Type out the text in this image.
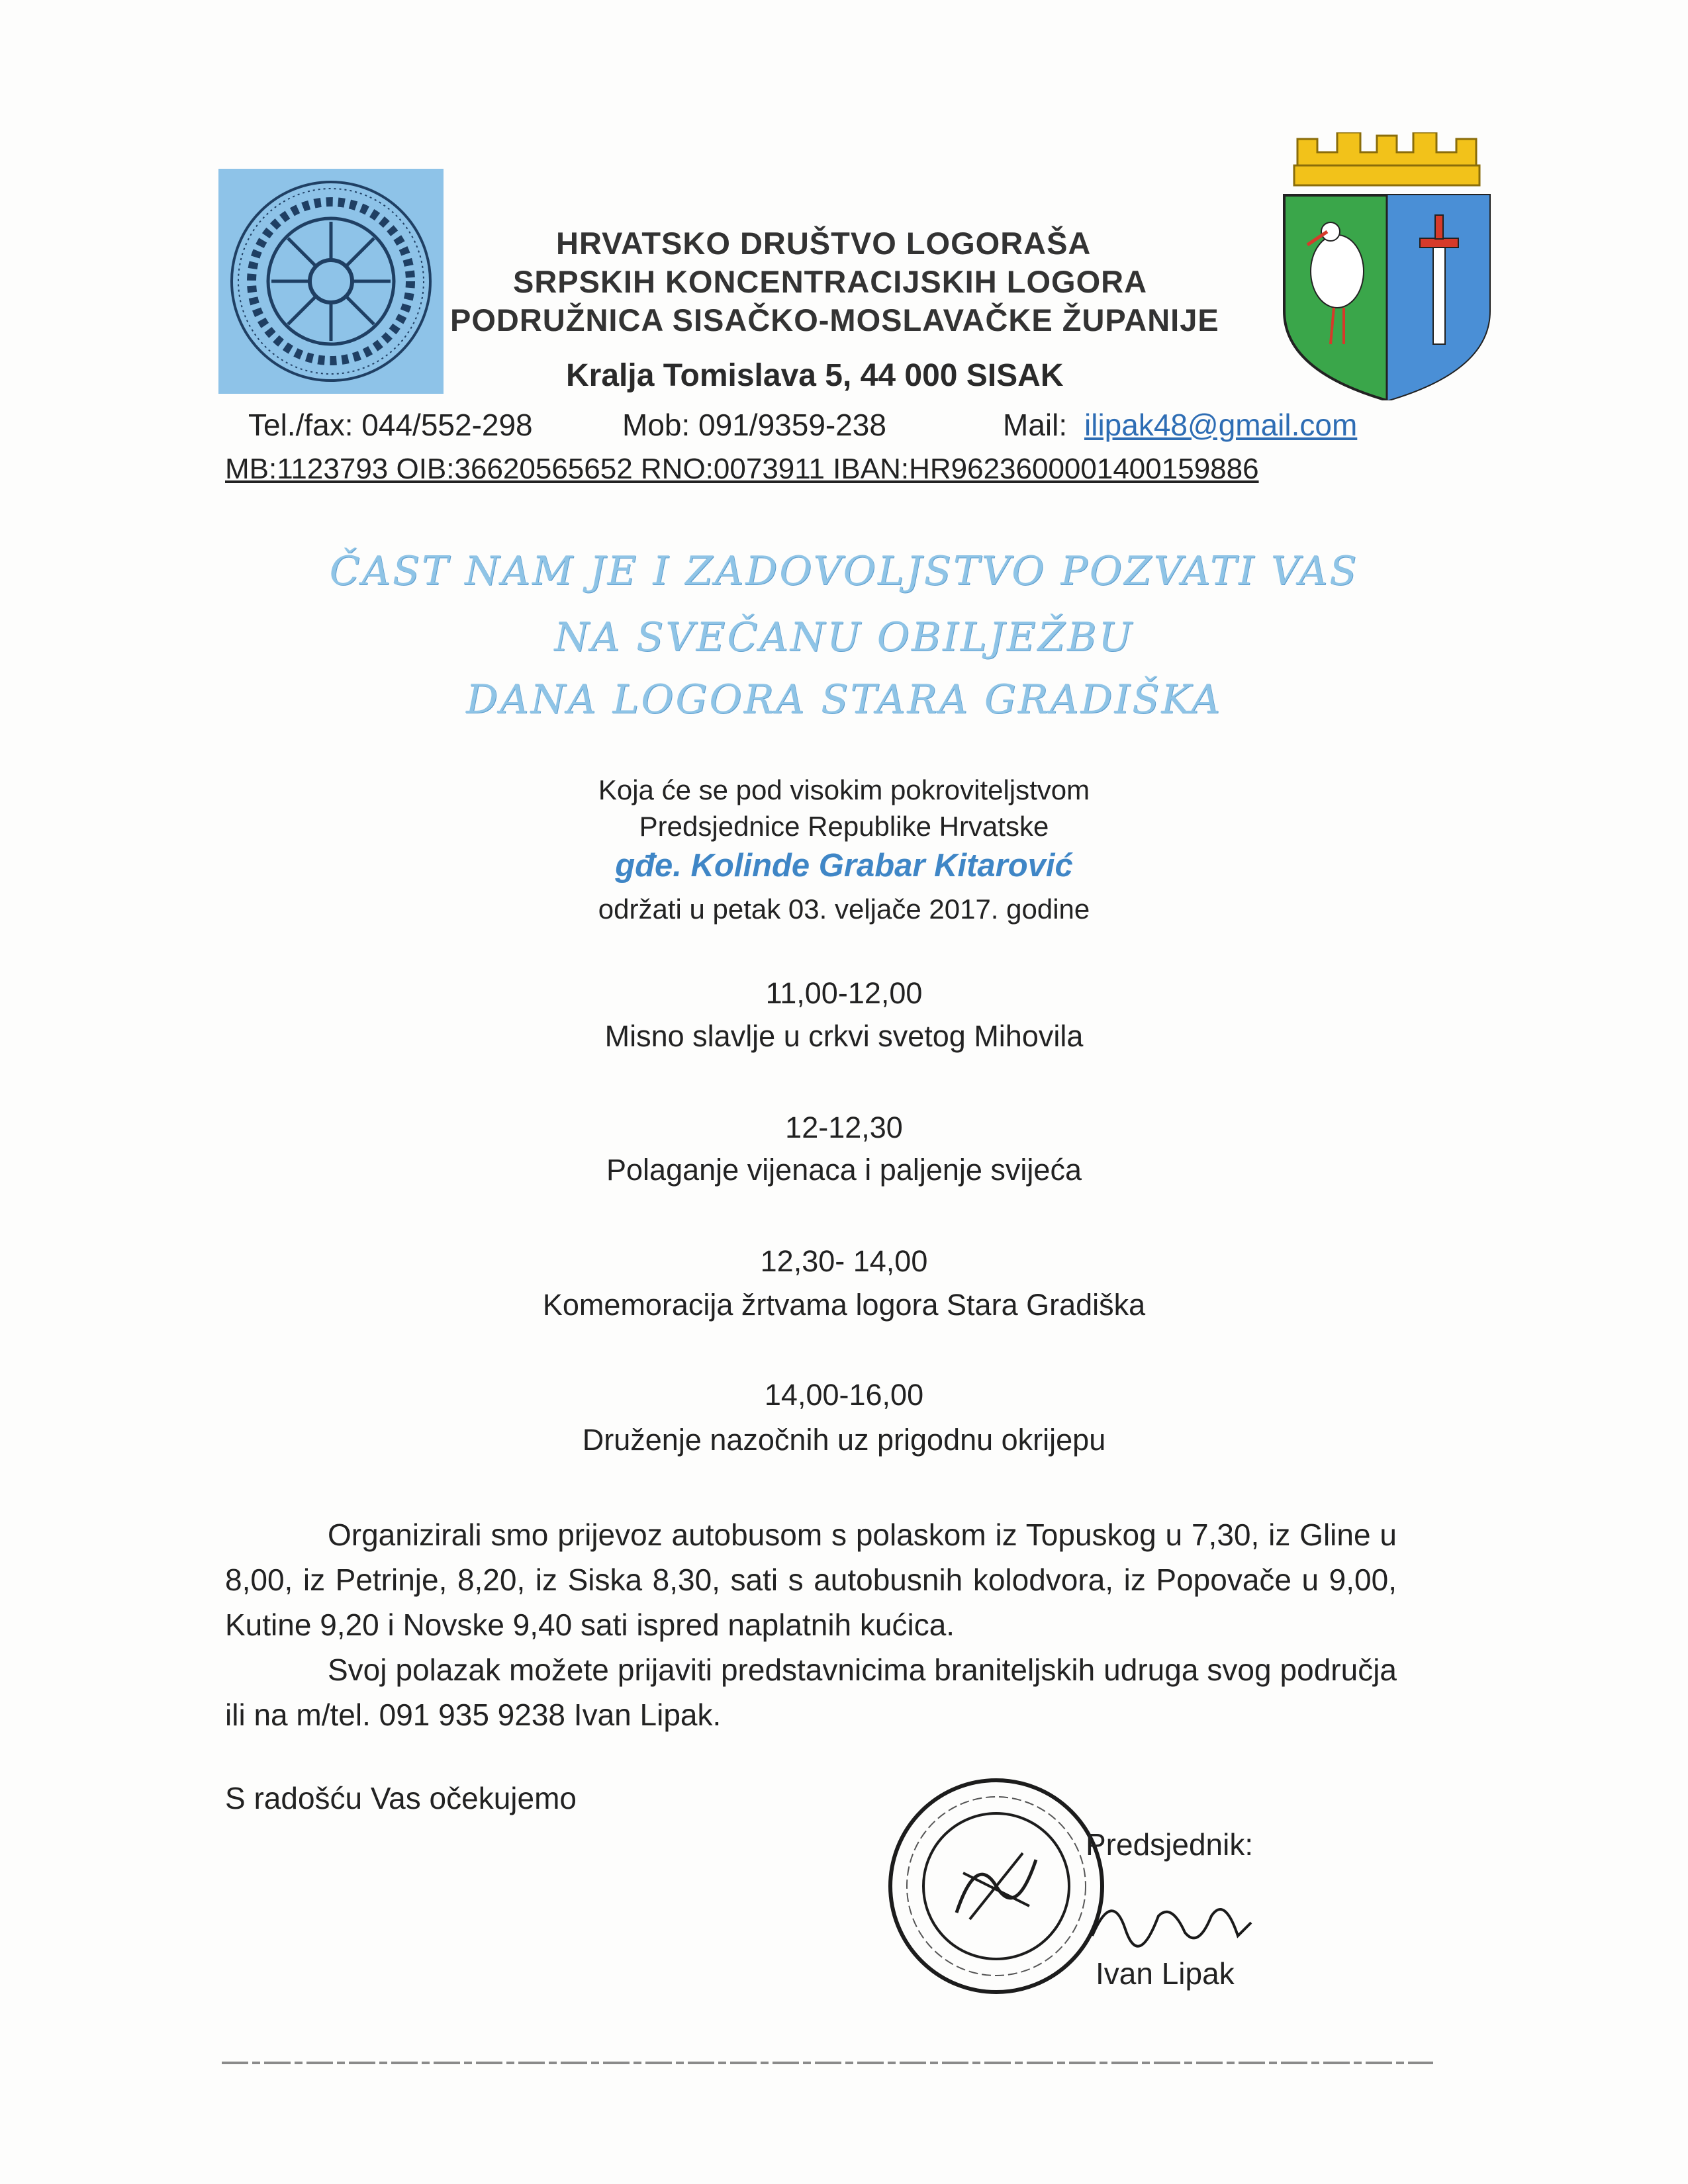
HRVATSKO DRUŠTVO LOGORAŠA
SRPSKIH KONCENTRACIJSKIH LOGORA
PODRUŽNICA SISAČKO-MOSLAVAČKE ŽUPANIJE
Kralja Tomislava 5, 44 000 SISAK
Tel./fax: 044/552-298	Mob: 091/9359-238	Mail: ilipak48@gmail.com
MB:1123793 OIB:36620565652 RNO:0073911 IBAN:HR9623600001400159886
ČAST NAM JE I ZADOVOLJSTVO POZVATI VAS
NA SVEČANU OBILJEŽBU
DANA LOGORA STARA GRADIŠKA
Koja će se pod visokim pokroviteljstvom
Predsjednice Republike Hrvatske
gđe. Kolinde Grabar Kitarović
održati u petak 03. veljače 2017. godine
11,00-12,00
Misno slavlje u crkvi svetog Mihovila
12-12,30
Polaganje vijenaca i paljenje svijeća
12,30- 14,00
Komemoracija žrtvama logora Stara Gradiška
14,00-16,00
Druženje nazočnih uz prigodnu okrijepu

Organizirali smo prijevoz autobusom s polaskom iz Topuskog u 7,30, iz Gline u 8,00, iz Petrinje, 8,20, iz Siska 8,30, sati s autobusnih kolodvora, iz Popovače u 9,00, Kutine 9,20 i Novske 9,40 sati ispred naplatnih kućica.

Svoj polazak možete prijaviti predstavnicima braniteljskih udruga svog područja ili na m/tel. 091 935 9238 Ivan Lipak.

S radošću Vas očekujemo
Predsjednik:
Ivan Lipak
